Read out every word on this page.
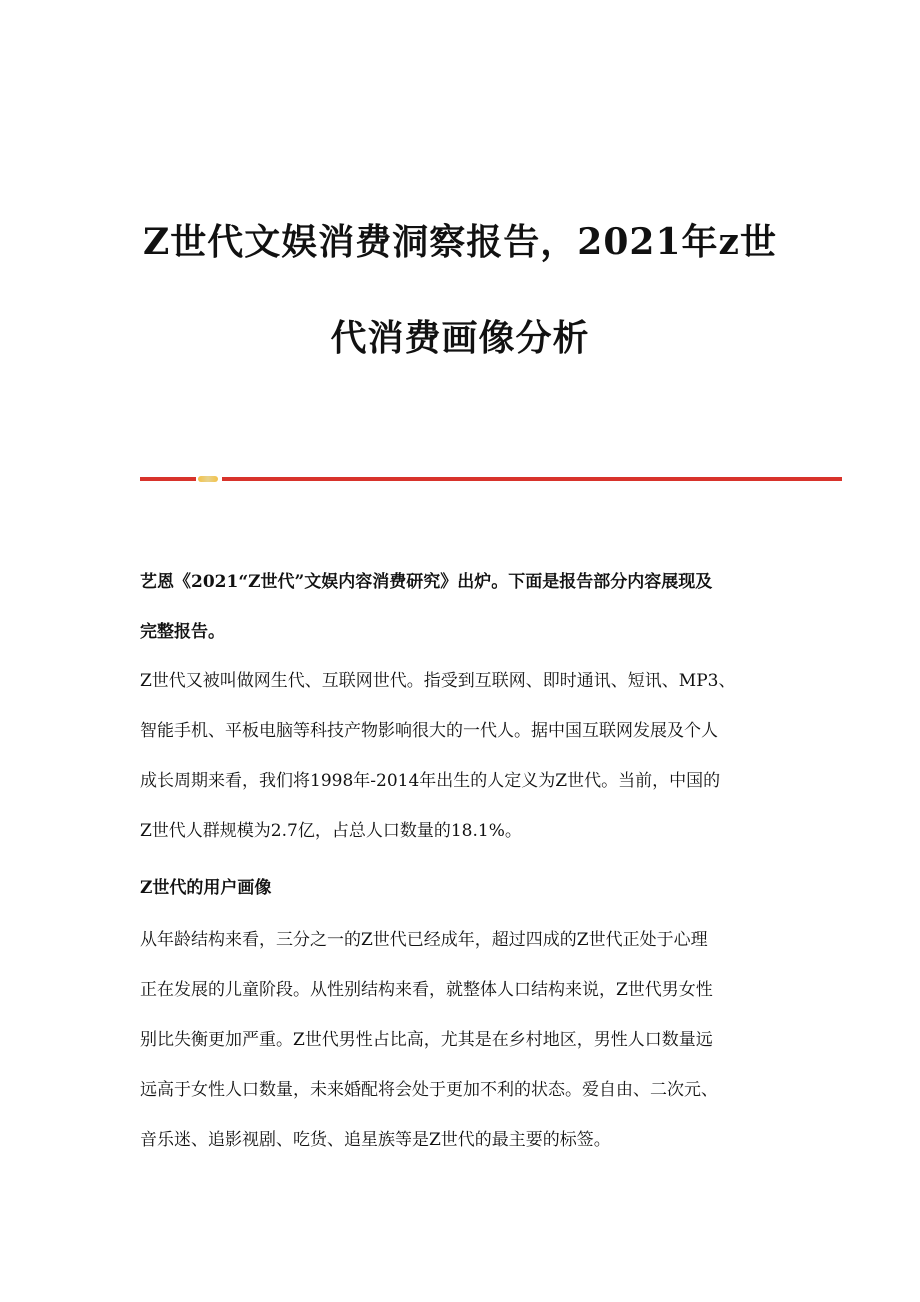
Z世代文娱消费洞察报告，2021年z世
代消费画像分析
艺恩《2021“Z世代”文娱内容消费研究》出炉。下面是报告部分内容展现及
完整报告。
Z世代又被叫做网生代、互联网世代。指受到互联网、即时通讯、短讯、MP3、
智能手机、平板电脑等科技产物影响很大的一代人。据中国互联网发展及个人
成长周期来看，我们将1998年-2014年出生的人定义为Z世代。当前，中国的
Z世代人群规模为2.7亿，占总人口数量的18.1%。
Z世代的用户画像
从年龄结构来看，三分之一的Z世代已经成年，超过四成的Z世代正处于心理
正在发展的儿童阶段。从性别结构来看，就整体人口结构来说，Z世代男女性
别比失衡更加严重。Z世代男性占比高，尤其是在乡村地区，男性人口数量远
远高于女性人口数量，未来婚配将会处于更加不利的状态。爱自由、二次元、
音乐迷、追影视剧、吃货、追星族等是Z世代的最主要的标签。
